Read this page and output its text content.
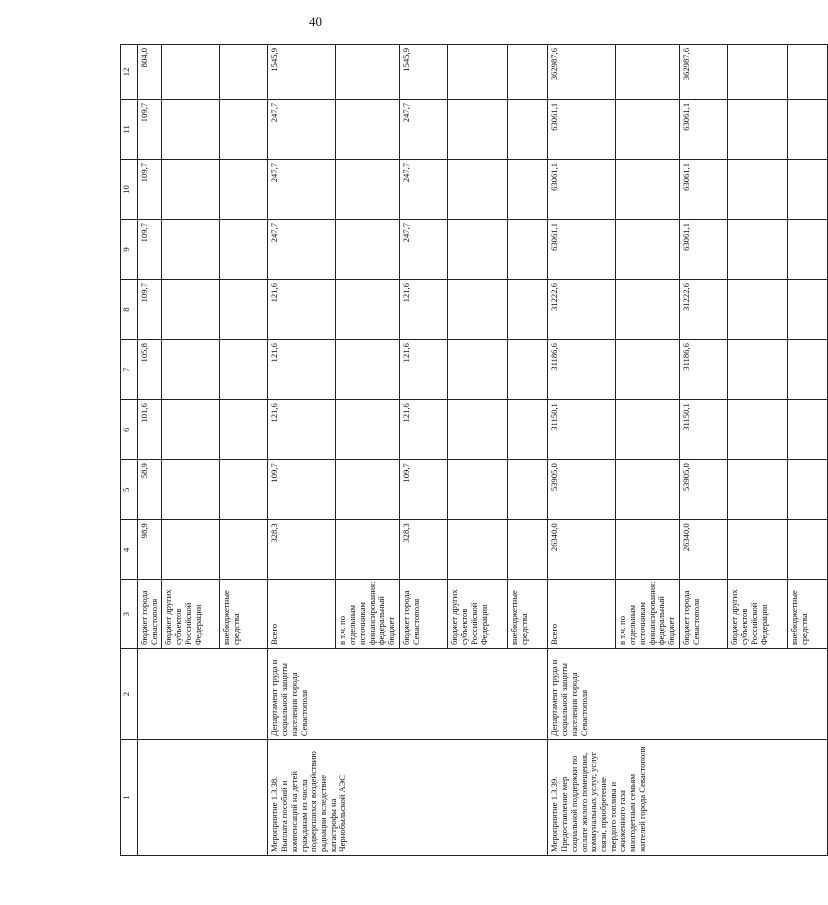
40
1	2	3	4	5	6	7	8	9	10	11	12
		бюджет города Севастополя	98,9	58,9	101,6	105,8	109,7	109,7	109,7	109,7	804,0
		бюджет других субъектов Российской Федерации									
		внебюджетные средства									
Мероприятие 1.3.38. Выплата пособий и компенсаций на детей гражданам из числа подвергшихся воздействию радиации вследствие катастрофы на Чернобыльской АЭС	Департамент труда и социальной защиты населения города Севастополя	Всего	328,3	109,7	121,6	121,6	121,6	247,7	247,7	247,7	1545,9
		в т.ч. по отдельным источникам финансирования: федеральный бюджет									
		бюджет города Севастополя	328,3	109,7	121,6	121,6	121,6	247,7	247,7	247,7	1545,9
		бюджет других субъектов Российской Федерации									
		внебюджетные средства									
Мероприятие 1.3.39. Предоставление мер социальной поддержки по оплате жилого помещения, коммунальных услуг, услуг связи, приобретение твердого топлива и сжиженного газа многодетным семьям жителей города Севастополя	Департамент труда и социальной защиты населения города Севастополя	Всего	26340,0	53905,0	31150,1	31186,6	31222,6	63061,1	63061,1	63061,1	362987,6
		в т.ч. по отдельным источникам финансирования: федеральный бюджет									
		бюджет города Севастополя	26340,0	53905,0	31150,1	31186,6	31222,6	63061,1	63061,1	63061,1	362987,6
		бюджет других субъектов Российской Федерации									
		внебюджетные средства									
